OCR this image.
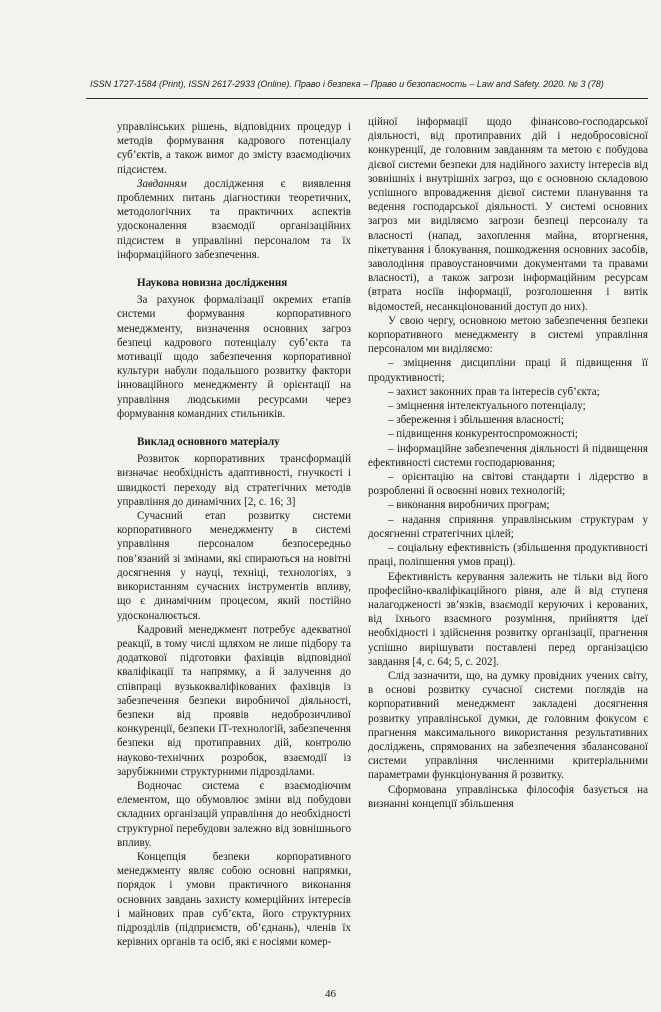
ISSN 1727-1584 (Print), ISSN 2617-2933 (Online). Право і безпека – Право и безопасность – Law and Safety. 2020. № 3 (78)

управлінських рішень, відповідних процедур і методів формування кадрового потенціалу суб’єктів, а також вимог до змісту взаємодіючих підсистем.

Завданням дослідження є виявлення проблемних питань діагностики теоретичних, методологічних та практичних аспектів удосконалення взаємодії організаційних підсистем в управлінні персоналом та їх інформаційного забезпечення.

Наукова новизна дослідження

За рахунок формалізації окремих етапів системи формування корпоративного менеджменту, визначення основних загроз безпеці кадрового потенціалу суб’єкта та мотивації щодо забезпечення корпоративної культури набули подальшого розвитку фактори інноваційного менеджменту й орієнтації на управління людськими ресурсами через формування командних стильників.

Виклад основного матеріалу

Розвиток корпоративних трансформацій визначає необхідність адаптивності, гнучкості і швидкості переходу від стратегічних методів управління до динамічних [2, с. 16; 3]

Сучасний етап розвитку системи корпоративного менеджменту в системі управління персоналом безпосередньо пов’язаний зі змінами, які спираються на новітні досягнення у науці, техніці, технологіях, з використанням сучасних інструментів впливу, що є динамічним процесом, який постійно удосконалюється.

Кадровий менеджмент потребує адекватної реакції, в тому числі щляхом не лише підбору та додаткової підготовки фахівців відповідної кваліфікації та напрямку, а й залучення до співпраці вузькокваліфікованих фахівців із забезпечення безпеки виробничої діяльності, безпеки від проявів недоброзичливої конкуренції, безпеки ІТ-технологій, забезпечення безпеки від протиправних дій, контролю науково-технічних розробок, взаємодії із зарубіжними структурними підрозділами.

Водночас система є взаємодіючим елементом, що обумовлює зміни від побудови складних організацій управління до необхідності структурної перебудови залежно від зовнішнього впливу.

Концепція безпеки корпоративного менеджменту являє собою основні напрямки, порядок і умови практичного виконання основних завдань захисту комерційних інтересів і майнових прав суб’єкта, його структурних підрозділів (підприємств, об’єднань), членів їх керівних органів та осіб, які є носіями комер-

ційної інформації щодо фінансово-господарської діяльності, від протиправних дій і недобросовісної конкуренції, де головним завданням та метою є побудова дієвої системи безпеки для надійного захисту інтересів від зовнішніх і внутрішніх загроз, що є основною складовою успішного впровадження дієвої системи планування та ведення господарської діяльності. У системі основних загроз ми виділяємо загрози безпеці персоналу та власності (напад, захоплення майна, вторгнення, пікетування і блокування, пошкодження основних засобів, заволодіння правоустановчими документами та правами власності), а також загрози інформаційним ресурсам (втрата носіїв інформації, розголошення і витік відомостей, несанкціонований доступ до них).

У свою чергу, основною метою забезпечення безпеки корпоративного менеджменту в системі управління персоналом ми виділяємо:

– зміцнення дисципліни праці й підвищення її продуктивності;

– захист законних прав та інтересів суб’єкта;

– зміцнення інтелектуального потенціалу;

– збереження і збільшення власності;

– підвищення конкурентоспроможності;

– інформаційне забезпечення діяльності й підвищення ефективності системи господарювання;

– орієнтацію на світові стандарти і лідерство в розробленні й освоєнні нових технологій;

– виконання виробничих програм;

– надання сприяння управлінським структурам у досягненні стратегічних цілей;

– соціальну ефективність (збільшення продуктивності праці, поліпшення умов праці).

Ефективність керування залежить не тільки від його професійно-кваліфікаційного рівня, але й від ступеня налагодженості зв’язків, взаємодії керуючих і керованих, від їхнього взаємного розуміння, прийняття ідеї необхідності і здійснення розвитку організації, прагнення успішно вирішувати поставлені перед організацією завдання [4, с. 64; 5, с. 202].

Слід зазначити, що, на думку провідних учених світу, в основі розвитку сучасної системи поглядів на корпоративний менеджмент закладені досягнення розвитку управлінської думки, де головним фокусом є прагнення максимального використання результативних досліджень, спрямованих на забезпечення збалансованої системи управління численними критеріальними параметрами функціонування й розвитку.

Сформована управлінська філософія базується на визнанні концепції збільшення

46
